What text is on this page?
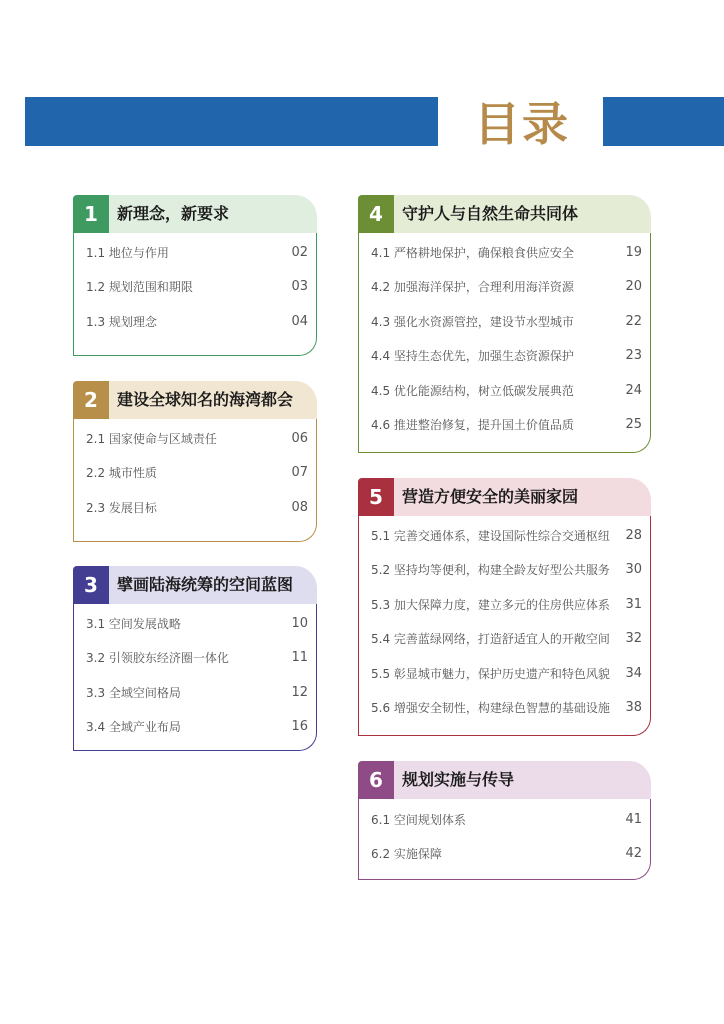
目录
1	新理念，新要求
1.1 地位与作用	02
1.2 规划范围和期限	03
1.3 规划理念	04
2	建设全球知名的海湾都会
2.1 国家使命与区域责任	06
2.2 城市性质	07
2.3 发展目标	08
3	擘画陆海统筹的空间蓝图
3.1 空间发展战略	10
3.2 引领胶东经济圈一体化	11
3.3 全域空间格局	12
3.4 全域产业布局	16
4	守护人与自然生命共同体
4.1 严格耕地保护，确保粮食供应安全	19
4.2 加强海洋保护，合理利用海洋资源	20
4.3 强化水资源管控，建设节水型城市	22
4.4 坚持生态优先，加强生态资源保护	23
4.5 优化能源结构，树立低碳发展典范	24
4.6 推进整治修复，提升国土价值品质	25
5	营造方便安全的美丽家园
5.1 完善交通体系，建设国际性综合交通枢纽	28
5.2 坚持均等便利，构建全龄友好型公共服务	30
5.3 加大保障力度，建立多元的住房供应体系	31
5.4 完善蓝绿网络，打造舒适宜人的开敞空间	32
5.5 彰显城市魅力，保护历史遗产和特色风貌	34
5.6 增强安全韧性，构建绿色智慧的基础设施	38
6	规划实施与传导
6.1 空间规划体系	41
6.2 实施保障	42
